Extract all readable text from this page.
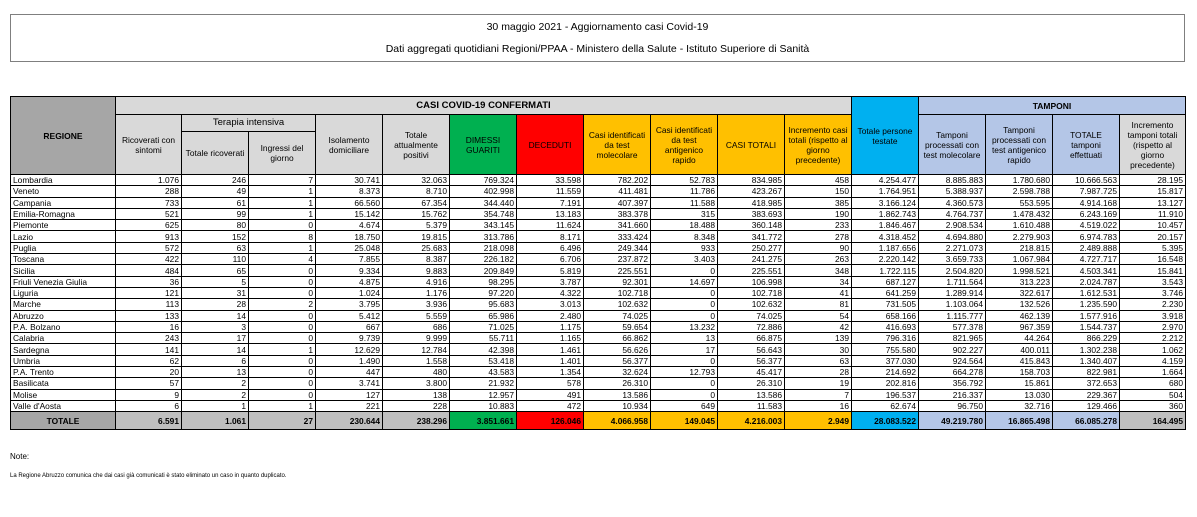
30 maggio 2021 - Aggiornamento casi Covid-19
Dati aggregati quotidiani Regioni/PPAA - Ministero della Salute - Istituto Superiore di Sanità
REGIONE	CASI COVID-19 CONFERMATI											Totale persone testate	TAMPONI			
	Ricoverati con sintomi	Terapia intensiva		Isolamento domiciliare	Totale attualmente positivi	DIMESSI GUARITI	DECEDUTI	Casi identificati da test molecolare	Casi identificati da test antigenico rapido	CASI TOTALI	Incremento casi totali (rispetto al giorno precedente)		Tamponi processati con test molecolare	Tamponi processati con test antigenico rapido	TOTALE tamponi effettuati	Incremento tamponi totali (rispetto al giorno precedente)
		Totale ricoverati	Ingressi del giorno													
Lombardia	1.076	246	7	30.741	32.063	769.324	33.598	782.202	52.783	834.985	458	4.254.477	8.885.883	1.780.680	10.666.563	28.195
Veneto	288	49	1	8.373	8.710	402.998	11.559	411.481	11.786	423.267	150	1.764.951	5.388.937	2.598.788	7.987.725	15.817
Campania	733	61	1	66.560	67.354	344.440	7.191	407.397	11.588	418.985	385	3.166.124	4.360.573	553.595	4.914.168	13.127
Emilia-Romagna	521	99	1	15.142	15.762	354.748	13.183	383.378	315	383.693	190	1.862.743	4.764.737	1.478.432	6.243.169	11.910
Piemonte	625	80	0	4.674	5.379	343.145	11.624	341.660	18.488	360.148	233	1.846.467	2.908.534	1.610.488	4.519.022	10.457
Lazio	913	152	8	18.750	19.815	313.786	8.171	333.424	8.348	341.772	278	4.318.452	4.694.880	2.279.903	6.974.783	20.157
Puglia	572	63	1	25.048	25.683	218.098	6.496	249.344	933	250.277	90	1.187.656	2.271.073	218.815	2.489.888	5.395
Toscana	422	110	4	7.855	8.387	226.182	6.706	237.872	3.403	241.275	263	2.220.142	3.659.733	1.067.984	4.727.717	16.548
Sicilia	484	65	0	9.334	9.883	209.849	5.819	225.551	0	225.551	348	1.722.115	2.504.820	1.998.521	4.503.341	15.841
Friuli Venezia Giulia	36	5	0	4.875	4.916	98.295	3.787	92.301	14.697	106.998	34	687.127	1.711.564	313.223	2.024.787	3.543
Liguria	121	31	0	1.024	1.176	97.220	4.322	102.718	0	102.718	41	641.259	1.289.914	322.617	1.612.531	3.746
Marche	113	28	2	3.795	3.936	95.683	3.013	102.632	0	102.632	81	731.505	1.103.064	132.526	1.235.590	2.230
Abruzzo	133	14	0	5.412	5.559	65.986	2.480	74.025	0	74.025	54	658.166	1.115.777	462.139	1.577.916	3.918
P.A. Bolzano	16	3	0	667	686	71.025	1.175	59.654	13.232	72.886	42	416.693	577.378	967.359	1.544.737	2.970
Calabria	243	17	0	9.739	9.999	55.711	1.165	66.862	13	66.875	139	796.316	821.965	44.264	866.229	2.212
Sardegna	141	14	1	12.629	12.784	42.398	1.461	56.626	17	56.643	30	755.580	902.227	400.011	1.302.238	1.062
Umbria	62	6	0	1.490	1.558	53.418	1.401	56.377	0	56.377	63	377.030	924.564	415.843	1.340.407	4.159
P.A. Trento	20	13	0	447	480	43.583	1.354	32.624	12.793	45.417	28	214.692	664.278	158.703	822.981	1.664
Basilicata	57	2	0	3.741	3.800	21.932	578	26.310	0	26.310	19	202.816	356.792	15.861	372.653	680
Molise	9	2	0	127	138	12.957	491	13.586	0	13.586	7	196.537	216.337	13.030	229.367	504
Valle d'Aosta	6	1	1	221	228	10.883	472	10.934	649	11.583	16	62.674	96.750	32.716	129.466	360
TOTALE	6.591	1.061	27	230.644	238.296	3.851.661	126.046	4.066.958	149.045	4.216.003	2.949	28.083.522	49.219.780	16.865.498	66.085.278	164.495
Note:
La Regione Abruzzo comunica che dai casi già comunicati è stato eliminato un caso in quanto duplicato.
